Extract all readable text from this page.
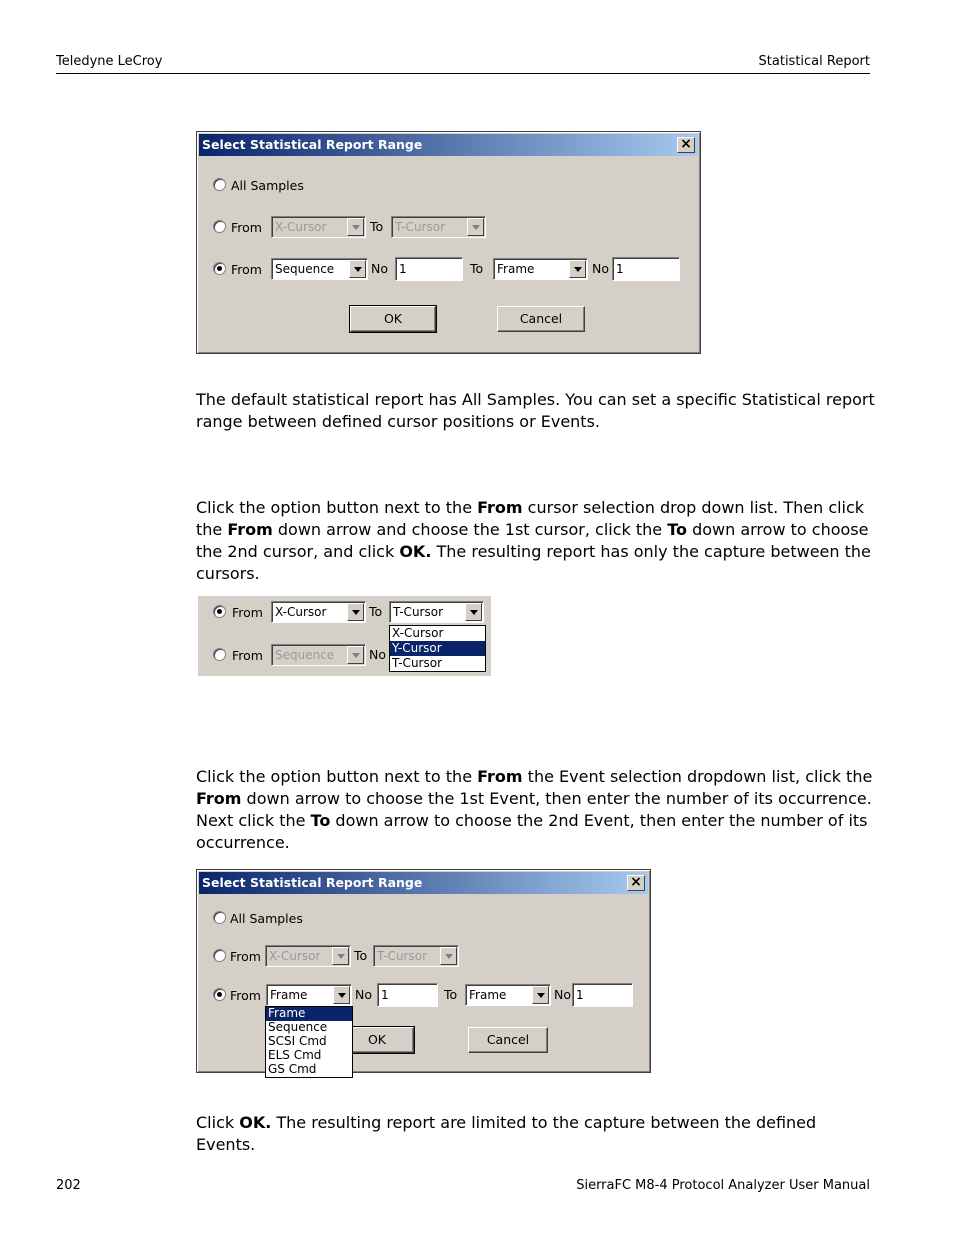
Teledyne LeCroy	Statistical Report
Select Statistical Report Range	×
All Samples
From	X-Cursor	To T-Cursor
From	Sequence	No 1	To	Frame	No 1
OK	Cancel
The default statistical report has All Samples. You can set a specific Statistical report range between defined cursor positions or Events.
Click the option button next to the From cursor selection drop down list. Then click the From down arrow and choose the 1st cursor, click the To down arrow to choose the 2nd cursor, and click OK. The resulting report has only the capture between the cursors.
From	X-Cursor	To T-Cursor
From	Sequence	No
X-Cursor
Y-Cursor
T-Cursor
Click the option button next to the From the Event selection dropdown list, click the From down arrow to choose the 1st Event, then enter the number of its occurrence. Next click the To down arrow to choose the 2nd Event, then enter the number of its occurrence.
Select Statistical Report Range	×
All Samples
From X-Cursor	To T-Cursor
From Frame	No 1	To Frame	No 1
OK	Cancel
Frame
Sequence
SCSI Cmd
ELS Cmd
GS Cmd
Click OK. The resulting report are limited to the capture between the defined Events.
202	SierraFC M8-4 Protocol Analyzer User Manual
